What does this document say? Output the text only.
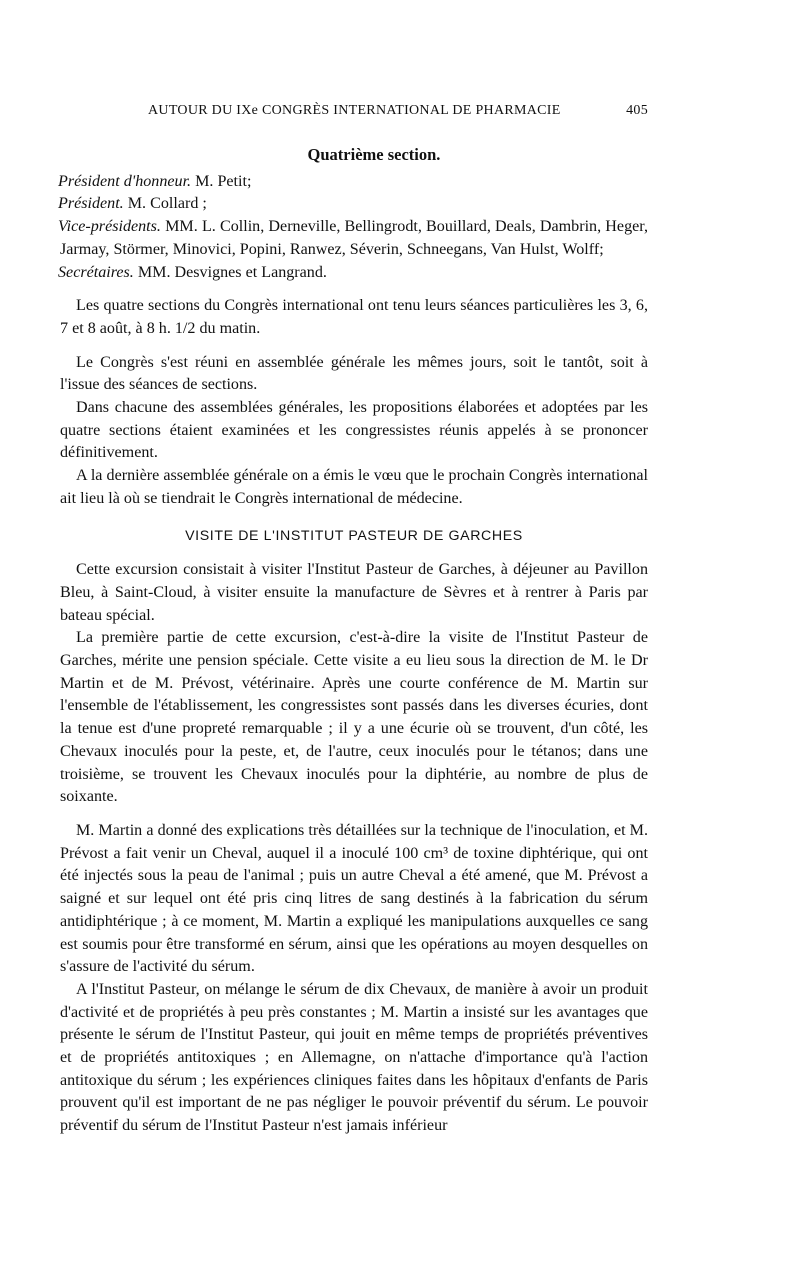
AUTOUR DU IXe CONGRÈS INTERNATIONAL DE PHARMACIE	405
Quatrième section.

Président d'honneur. M. Petit;

Président. M. Collard ;

Vice-présidents. MM. L. Collin, Derneville, Bellingrodt, Bouillard, Deals, Dambrin, Heger, Jarmay, Störmer, Minovici, Popini, Ranwez, Séverin, Schneegans, Van Hulst, Wolff;

Secrétaires. MM. Desvignes et Langrand.

Les quatre sections du Congrès international ont tenu leurs séances particulières les 3, 6, 7 et 8 août, à 8 h. 1/2 du matin.

Le Congrès s'est réuni en assemblée générale les mêmes jours, soit le tantôt, soit à l'issue des séances de sections.

Dans chacune des assemblées générales, les propositions élaborées et adoptées par les quatre sections étaient examinées et les congressistes réunis appelés à se prononcer définitivement.

A la dernière assemblée générale on a émis le vœu que le prochain Congrès international ait lieu là où se tiendrait le Congrès international de médecine.

VISITE DE L'INSTITUT PASTEUR DE GARCHES

Cette excursion consistait à visiter l'Institut Pasteur de Garches, à déjeuner au Pavillon Bleu, à Saint-Cloud, à visiter ensuite la manufacture de Sèvres et à rentrer à Paris par bateau spécial.

La première partie de cette excursion, c'est-à-dire la visite de l'Institut Pasteur de Garches, mérite une pension spéciale. Cette visite a eu lieu sous la direction de M. le Dr Martin et de M. Prévost, vétérinaire. Après une courte conférence de M. Martin sur l'ensemble de l'établissement, les congressistes sont passés dans les diverses écuries, dont la tenue est d'une propreté remarquable ; il y a une écurie où se trouvent, d'un côté, les Chevaux inoculés pour la peste, et, de l'autre, ceux inoculés pour le tétanos; dans une troisième, se trouvent les Chevaux inoculés pour la diphtérie, au nombre de plus de soixante.

M. Martin a donné des explications très détaillées sur la technique de l'inoculation, et M. Prévost a fait venir un Cheval, auquel il a inoculé 100 cm³ de toxine diphtérique, qui ont été injectés sous la peau de l'animal ; puis un autre Cheval a été amené, que M. Prévost a saigné et sur lequel ont été pris cinq litres de sang destinés à la fabrication du sérum antidiphtérique ; à ce moment, M. Martin a expliqué les manipulations auxquelles ce sang est soumis pour être transformé en sérum, ainsi que les opérations au moyen desquelles on s'assure de l'activité du sérum.

A l'Institut Pasteur, on mélange le sérum de dix Chevaux, de manière à avoir un produit d'activité et de propriétés à peu près constantes ; M. Martin a insisté sur les avantages que présente le sérum de l'Institut Pasteur, qui jouit en même temps de propriétés préventives et de propriétés antitoxiques ; en Allemagne, on n'attache d'importance qu'à l'action antitoxique du sérum ; les expériences cliniques faites dans les hôpitaux d'enfants de Paris prouvent qu'il est important de ne pas négliger le pouvoir préventif du sérum. Le pouvoir préventif du sérum de l'Institut Pasteur n'est jamais inférieur
